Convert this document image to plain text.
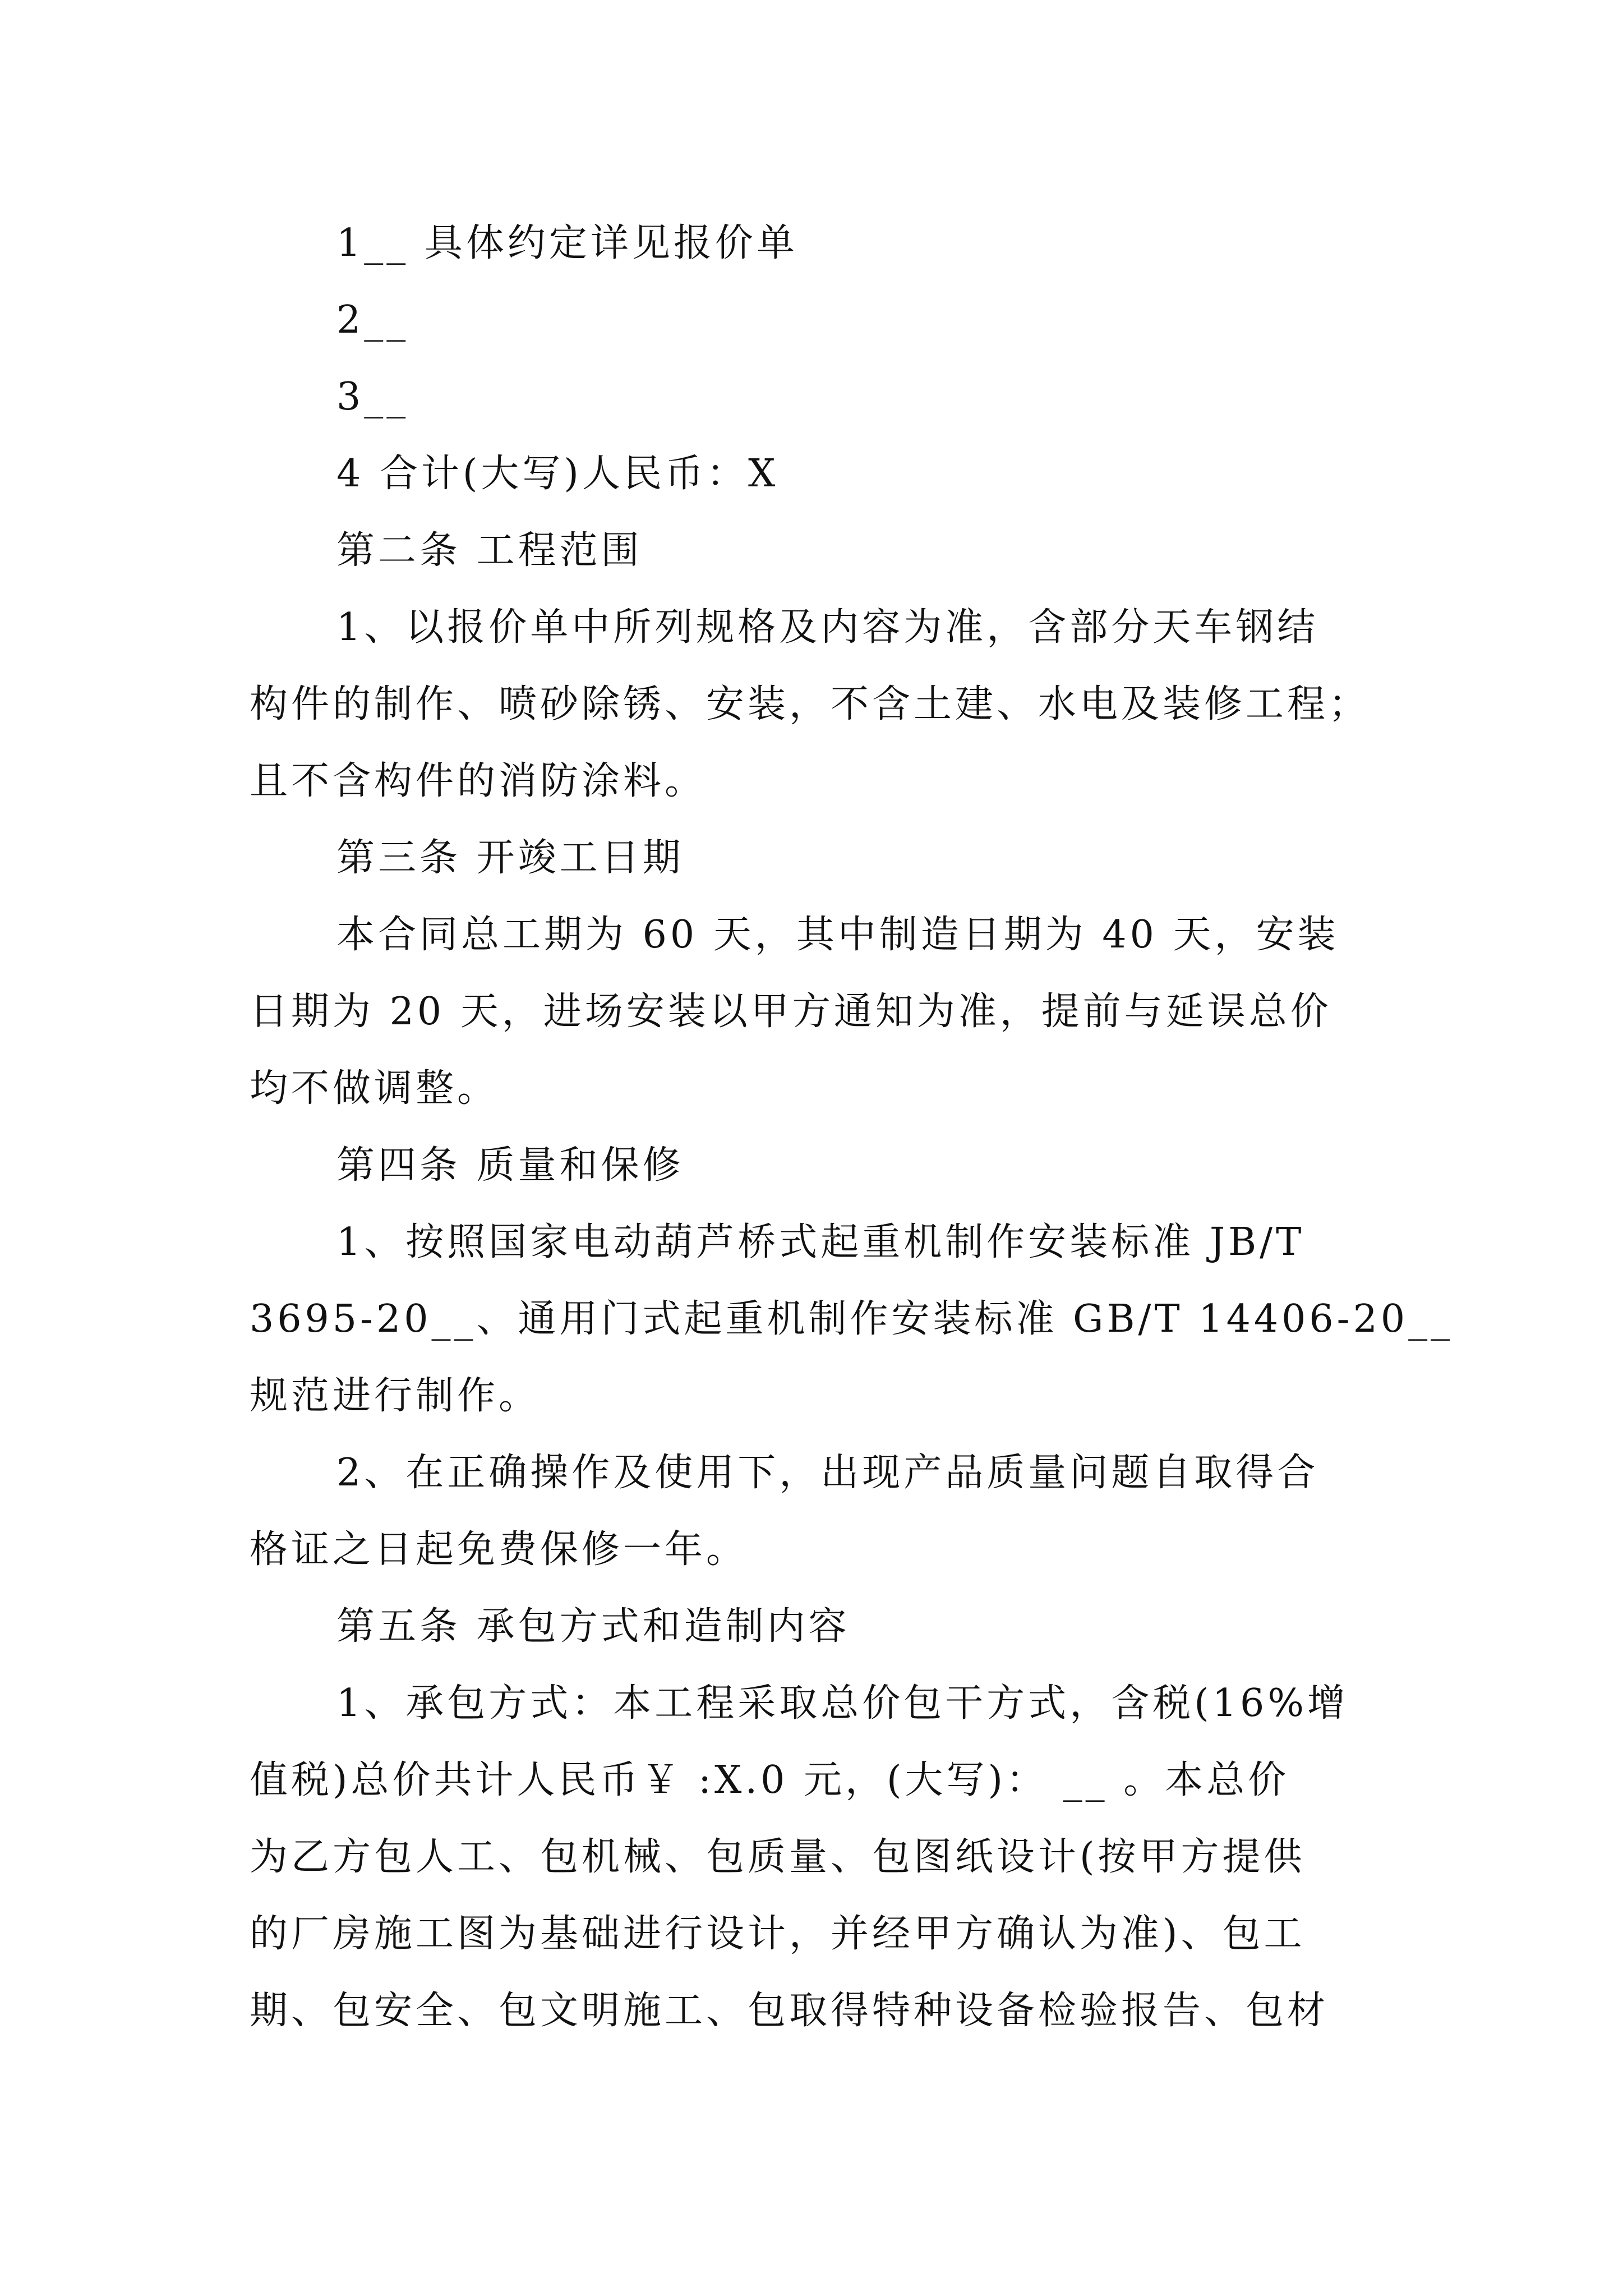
1__ 具体约定详见报价单
2__
3__
4 合计(大写)人民币：X
第二条 工程范围
1、以报价单中所列规格及内容为准，含部分天车钢结
构件的制作、喷砂除锈、安装，不含土建、水电及装修工程；
且不含构件的消防涂料。
第三条 开竣工日期
本合同总工期为 60 天，其中制造日期为 40 天，安装
日期为 20 天，进场安装以甲方通知为准，提前与延误总价
均不做调整。
第四条 质量和保修
1、按照国家电动葫芦桥式起重机制作安装标准 JB/T
3695-20__、通用门式起重机制作安装标准 GB/T 14406-20__
规范进行制作。
2、在正确操作及使用下，出现产品质量问题自取得合
格证之日起免费保修一年。
第五条 承包方式和造制内容
1、承包方式：本工程采取总价包干方式，含税(16%增
值税)总价共计人民币￥ :X.0 元，(大写)： __ 。本总价
为乙方包人工、包机械、包质量、包图纸设计(按甲方提供
的厂房施工图为基础进行设计，并经甲方确认为准)、包工
期、包安全、包文明施工、包取得特种设备检验报告、包材
